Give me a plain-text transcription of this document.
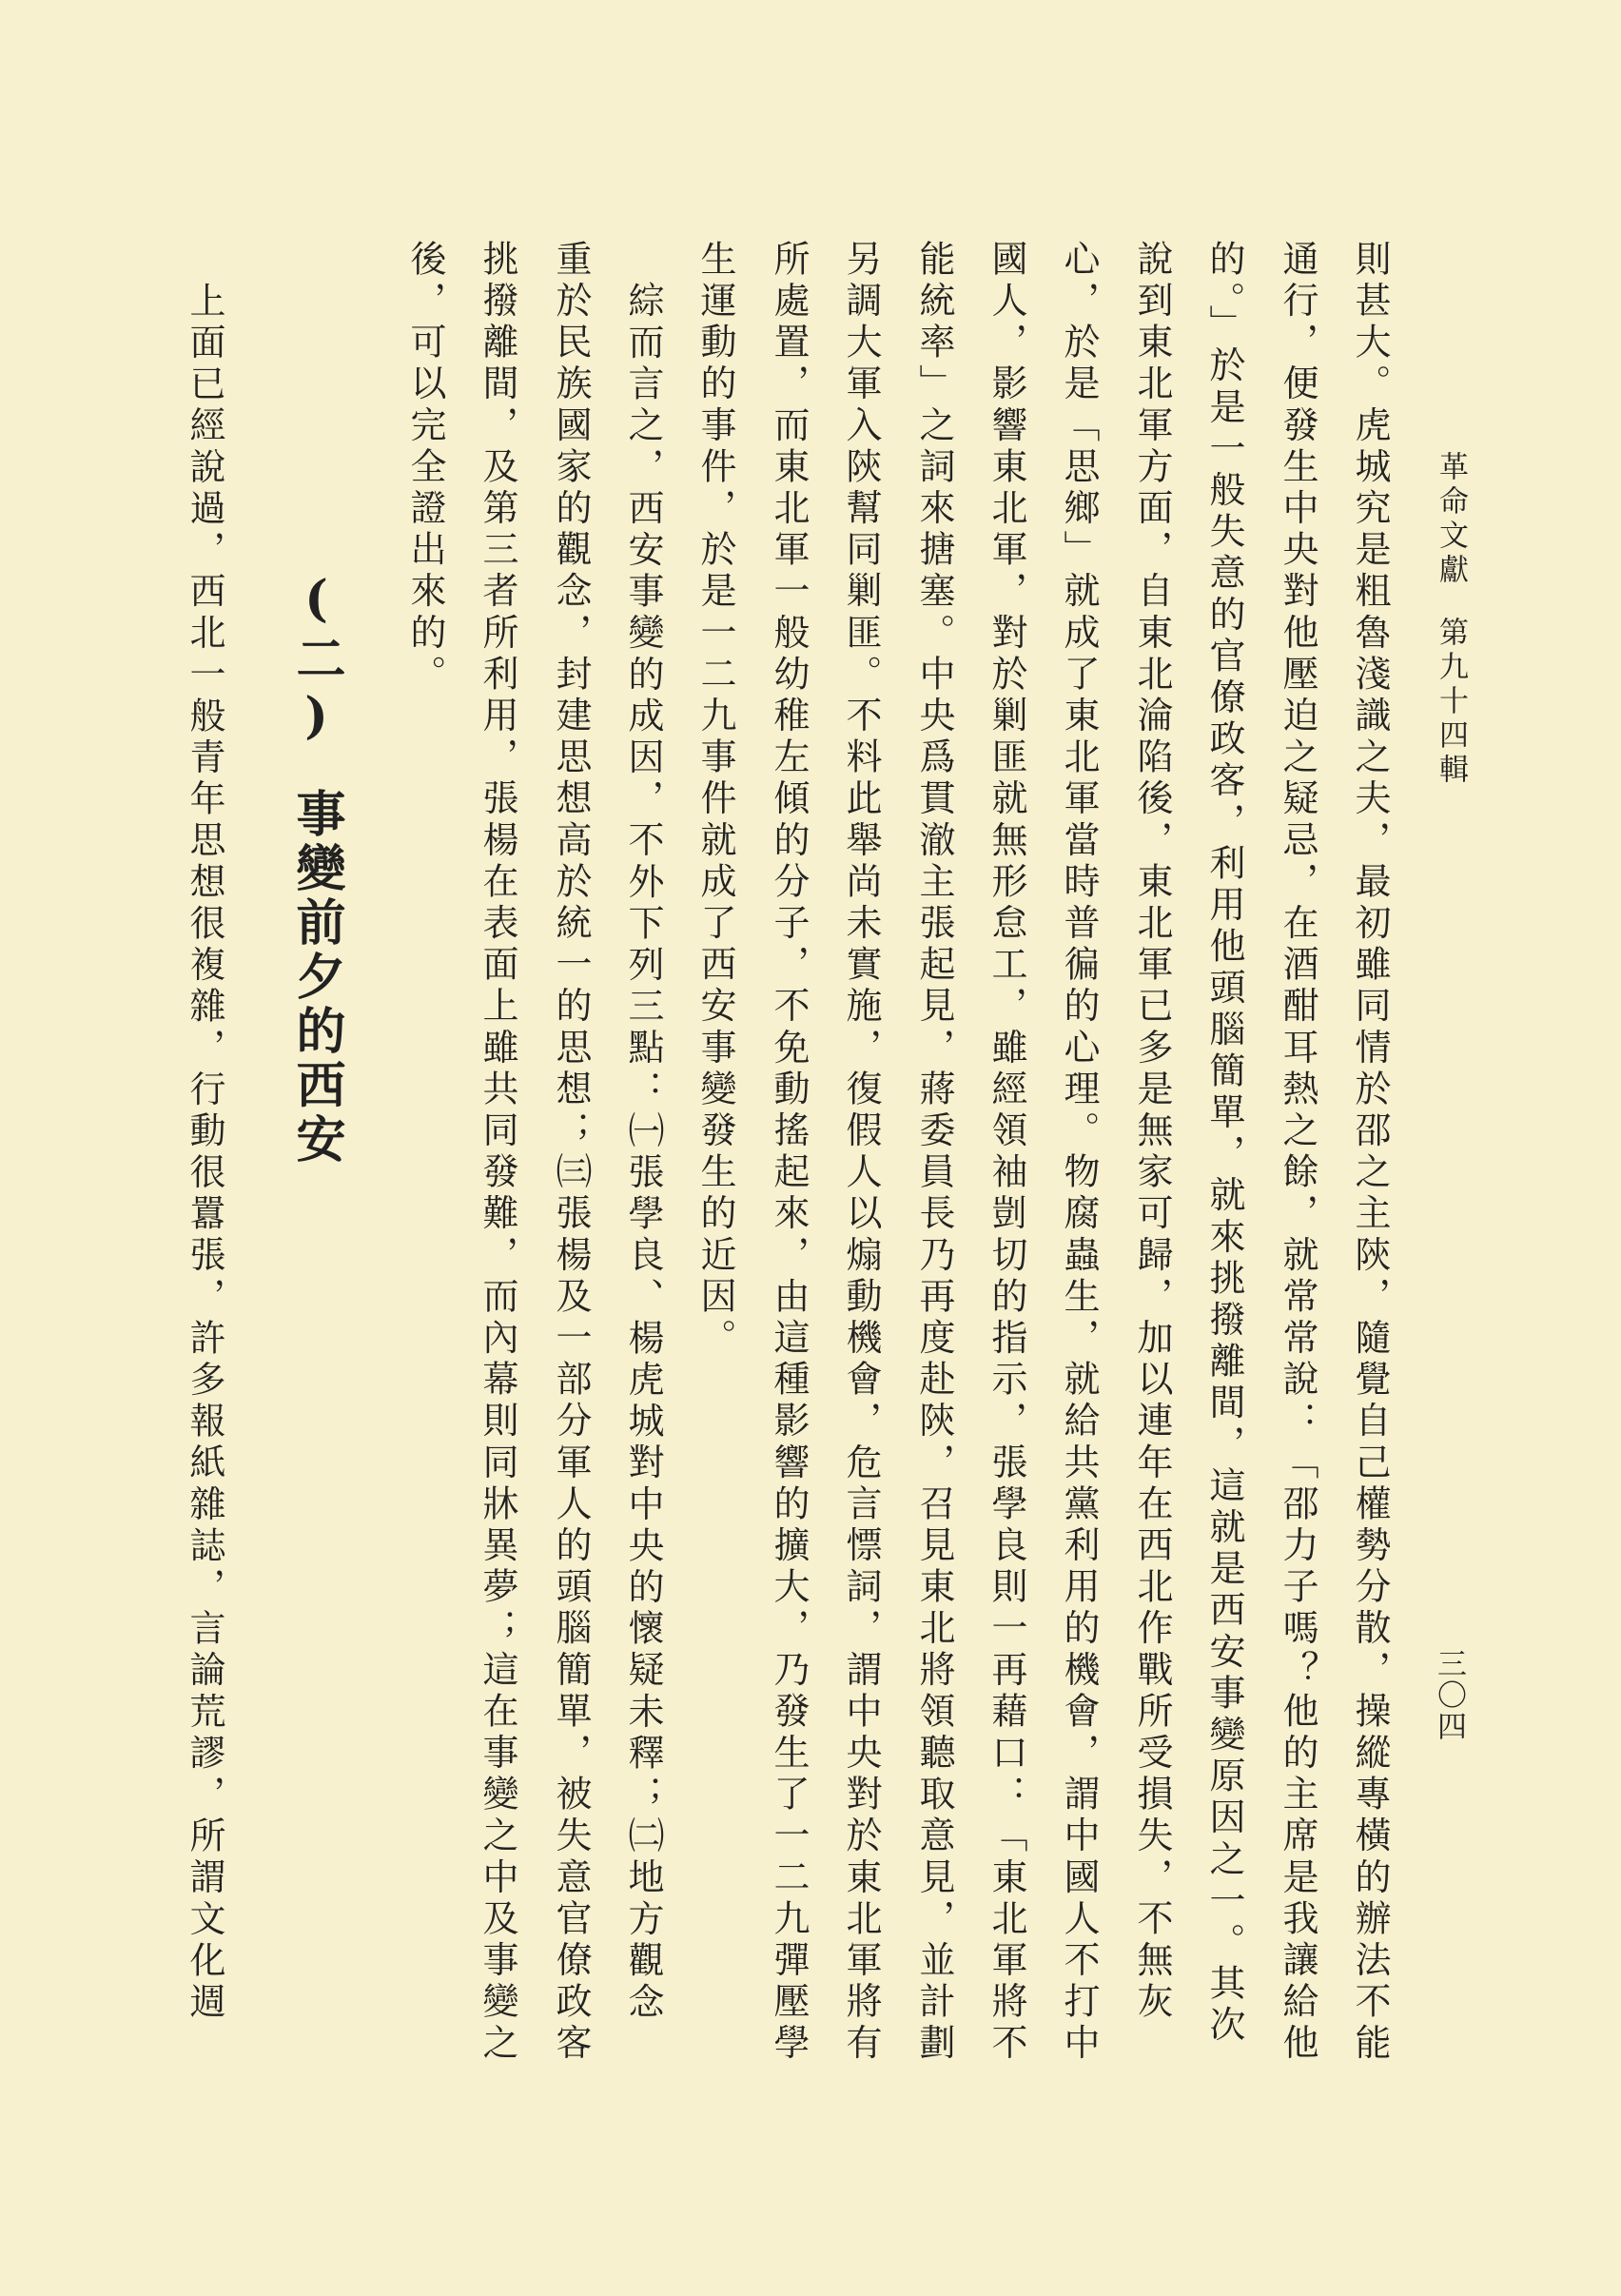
革命文獻第九十四輯
三〇四
則甚大。虎城究是粗魯淺識之夫，最初雖同情於邵之主陝，隨覺自己權勢分散，操縱專橫的辦法不能
通行，便發生中央對他壓迫之疑忌，在酒酣耳熱之餘，就常常說：「邵力子嗎？他的主席是我讓給他
的。」於是一般失意的官僚政客，利用他頭腦簡單，就來挑撥離間，這就是西安事變原因之一。其次
說到東北軍方面，自東北淪陷後，東北軍已多是無家可歸，加以連年在西北作戰所受損失，不無灰
心，於是「思鄉」就成了東北軍當時普徧的心理。物腐蟲生，就給共黨利用的機會，謂中國人不打中
國人，影響東北軍，對於剿匪就無形怠工，雖經領袖剴切的指示，張學良則一再藉口：「東北軍將不
能統率」之詞來搪塞。中央爲貫澈主張起見，蔣委員長乃再度赴陝，召見東北將領聽取意見，並計劃
另調大軍入陝幫同剿匪。不料此舉尚未實施，復假人以煽動機會，危言慓詞，謂中央對於東北軍將有
所處置，而東北軍一般幼稚左傾的分子，不免動搖起來，由這種影響的擴大，乃發生了一二九彈壓學
生運動的事件，於是一二九事件就成了西安事變發生的近因。
綜而言之，西安事變的成因，不外下列三點：㈠張學良、楊虎城對中央的懷疑未釋；㈡地方觀念
重於民族國家的觀念，封建思想高於統一的思想；㈢張楊及一部分軍人的頭腦簡單，被失意官僚政客
挑撥離間，及第三者所利用，張楊在表面上雖共同發難，而內幕則同牀異夢；這在事變之中及事變之
後，可以完全證出來的。
(二)事變前夕的西安
上面已經說過，西北一般青年思想很複雜，行動很囂張，許多報紙雜誌，言論荒謬，所謂文化週
